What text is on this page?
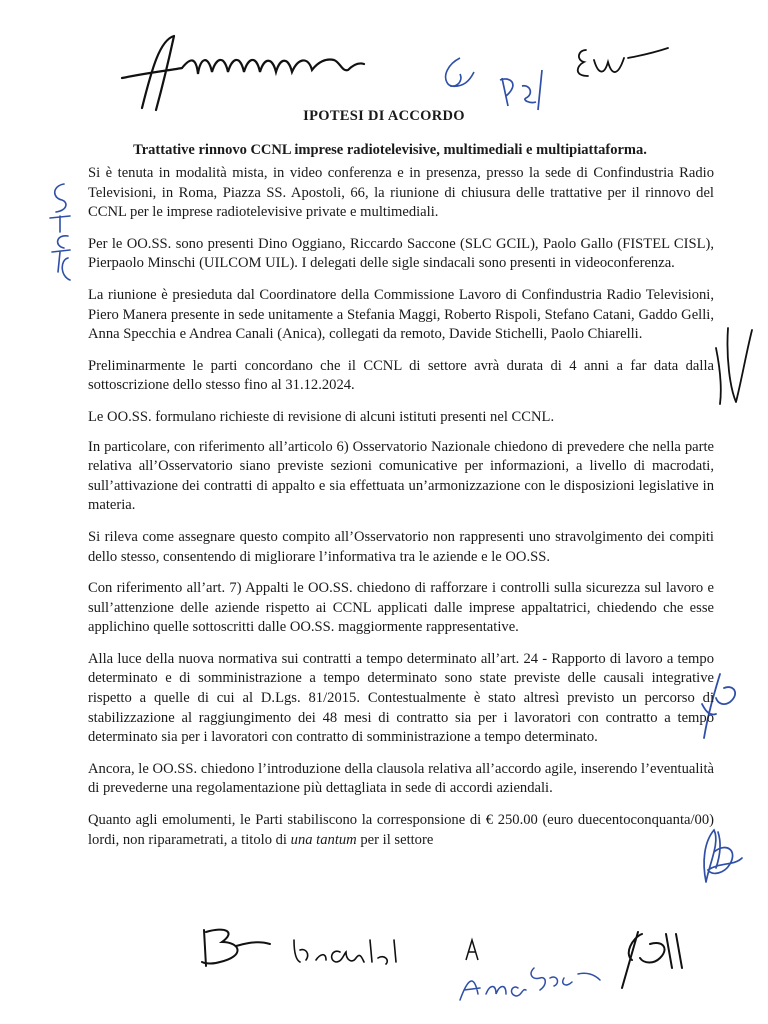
IPOTESI DI ACCORDO
Trattative rinnovo CCNL imprese radiotelevisive, multimediali e multipiattaforma.

Si è tenuta in modalità mista, in video conferenza e in presenza, presso la sede di Confindustria Radio Televisioni, in Roma, Piazza SS. Apostoli, 66, la riunione di chiusura delle trattative per il rinnovo del CCNL per le imprese radiotelevisive private e multimediali.

Per le OO.SS. sono presenti Dino Oggiano, Riccardo Saccone (SLC GCIL), Paolo Gallo (FISTEL CISL), Pierpaolo Minschi (UILCOM UIL). I delegati delle sigle sindacali sono presenti in videoconferenza.

La riunione è presieduta dal Coordinatore della Commissione Lavoro di Confindustria Radio Televisioni, Piero Manera presente in sede unitamente a Stefania Maggi, Roberto Rispoli, Stefano Catani, Gaddo Gelli, Anna Specchia e Andrea Canali (Anica), collegati da remoto, Davide Stichelli, Paolo Chiarelli.

Preliminarmente le parti concordano che il CCNL di settore avrà durata di 4 anni a far data dalla sottoscrizione dello stesso fino al 31.12.2024.

Le OO.SS. formulano richieste di revisione di alcuni istituti presenti nel CCNL.

In particolare, con riferimento all’articolo 6) Osservatorio Nazionale chiedono di prevedere che nella parte relativa all’Osservatorio siano previste sezioni comunicative per informazioni, a livello di macrodati, sull’attivazione dei contratti di appalto e sia effettuata un’armonizzazione con le disposizioni legislative in materia.

Si rileva come assegnare questo compito all’Osservatorio non rappresenti uno stravolgimento dei compiti dello stesso, consentendo di migliorare l’informativa tra le aziende e le OO.SS.

Con riferimento all’art. 7) Appalti le OO.SS. chiedono di rafforzare i controlli sulla sicurezza sul lavoro e sull’attenzione delle aziende rispetto ai CCNL applicati dalle imprese appaltatrici, chiedendo che esse applichino quelle sottoscritti dalle OO.SS. maggiormente rappresentative.

Alla luce della nuova normativa sui contratti a tempo determinato all’art. 24 - Rapporto di lavoro a tempo determinato e di somministrazione a tempo determinato sono state previste delle causali integrative rispetto a quelle di cui al D.Lgs. 81/2015. Contestualmente è stato altresì previsto un percorso di stabilizzazione al raggiungimento dei 48 mesi di contratto sia per i lavoratori con contratto a tempo determinato sia per i lavoratori con contratto di somministrazione a tempo determinato.

Ancora, le OO.SS. chiedono l’introduzione della clausola relativa all’accordo agile, inserendo l’eventualità di prevederne una regolamentazione più dettagliata in sede di accordi aziendali.

Quanto agli emolumenti, le Parti stabiliscono la corresponsione di € 250.00 (euro duecentoconquanta/00) lordi, non riparametrati, a titolo di una tantum per il settore
